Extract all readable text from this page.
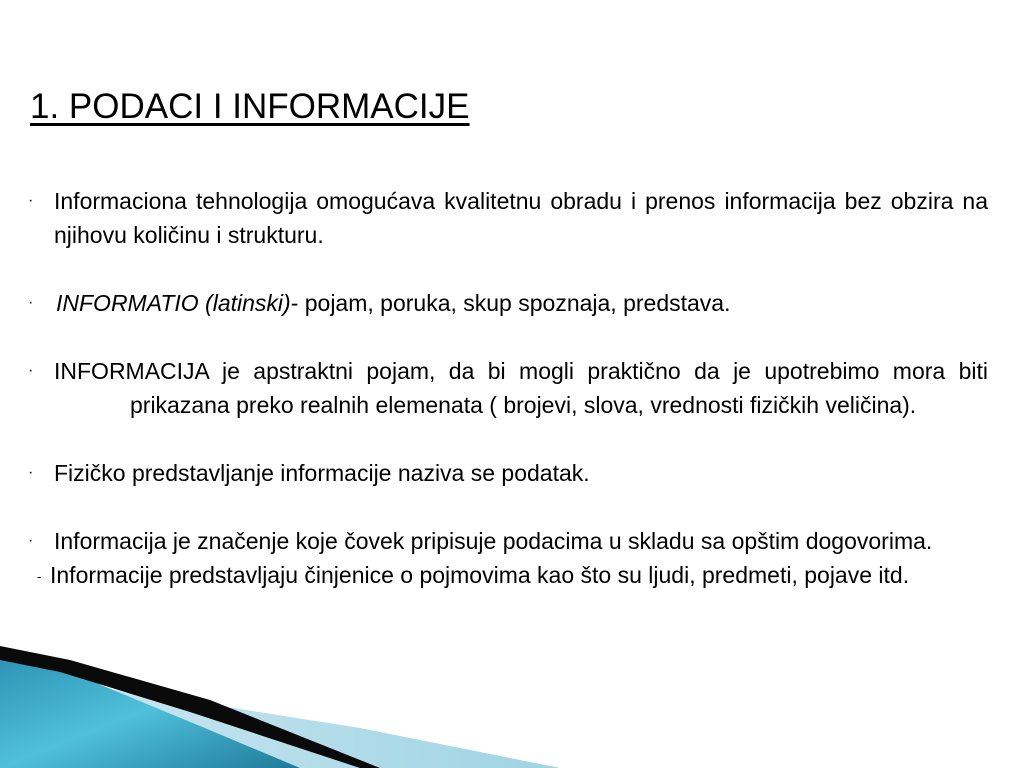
1. PODACI I INFORMACIJE

· Informaciona tehnologija omogućava kvalitetnu obradu i prenos informacija bez obzira na njihovu količinu i strukturu.

· INFORMATIO (latinski)- pojam, poruka, skup spoznaja, predstava.

· INFORMACIJA je apstraktni pojam, da bi mogli praktično da je upotrebimo mora biti prikazana preko realnih elemenata ( brojevi, slova, vrednosti fizičkih veličina).

· Fizičko predstavljanje informacije naziva se podatak.

· Informacija je značenje koje čovek pripisuje podacima u skladu sa opštim dogovorima.

- Informacije predstavljaju činjenice o pojmovima kao što su ljudi, predmeti, pojave itd.
